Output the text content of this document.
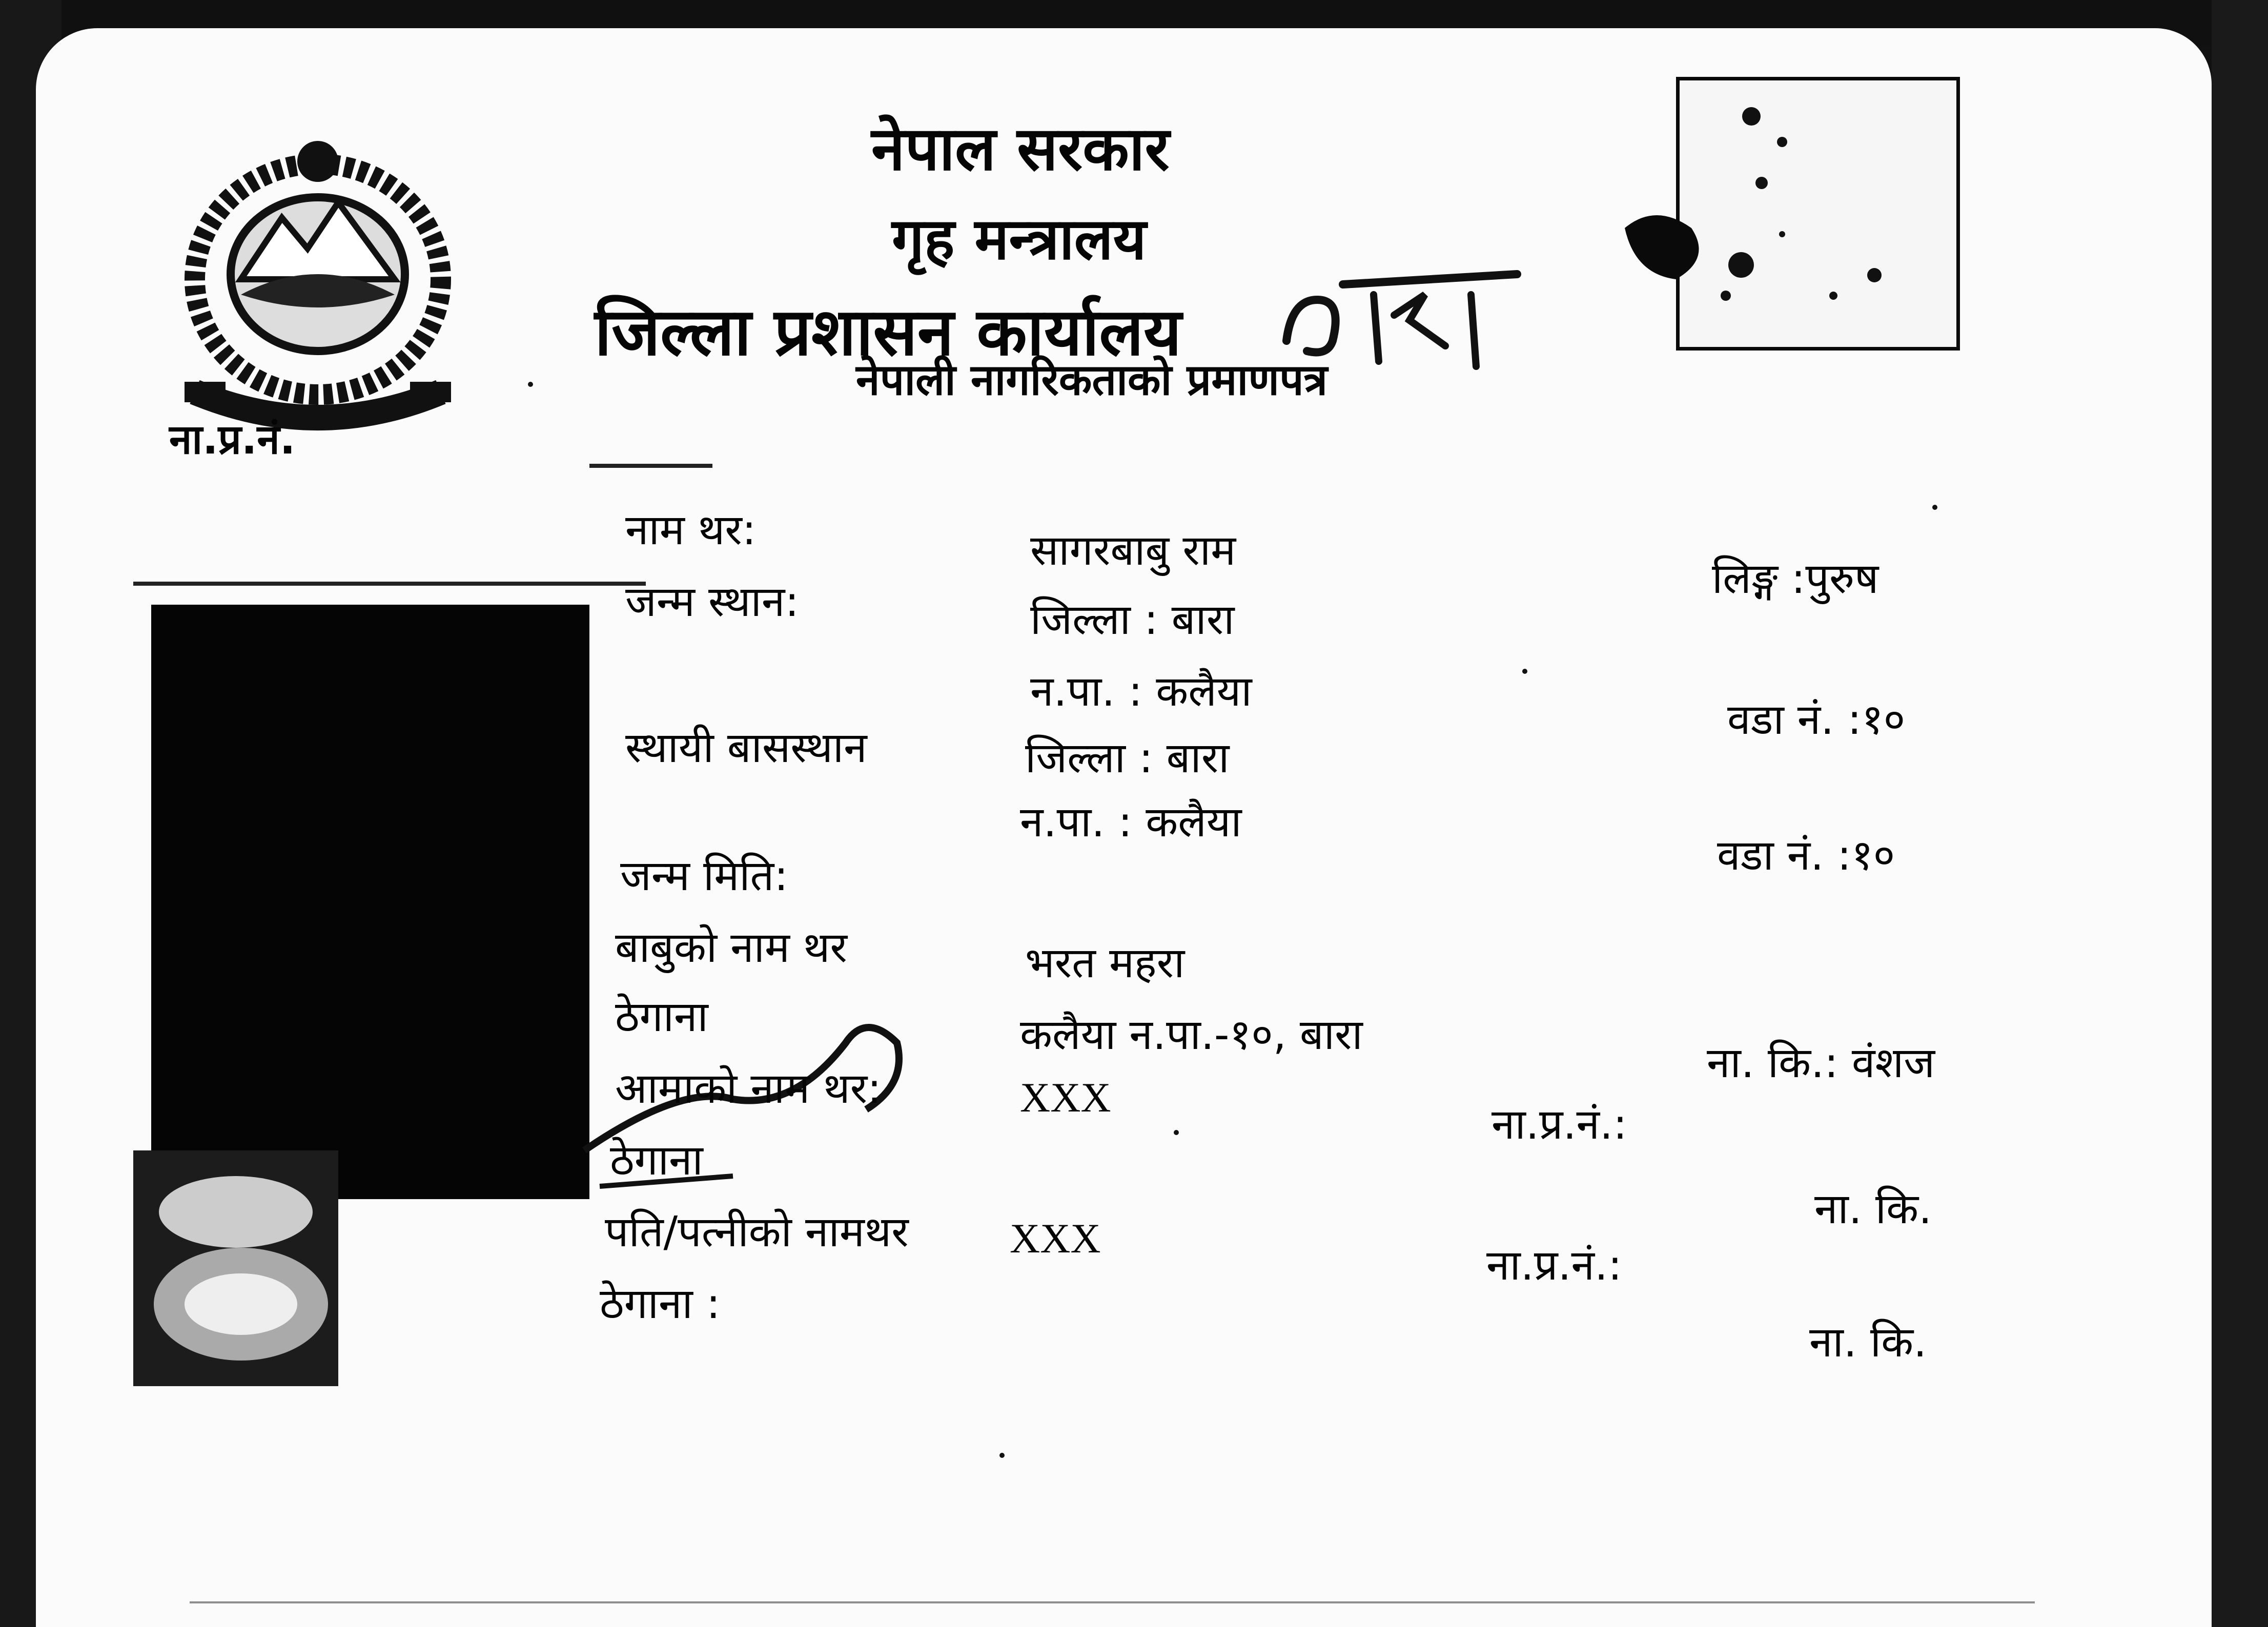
नेपाल सरकार
गृह मन्त्रालय
जिल्ला प्रशासन कार्यालय
बारा
नेपाली नागरिकताको प्रमाणपत्र
ना.प्र.नं.
नाम थर:	सागरबाबु राम
लिङ्ग :पुरुष
जन्म स्थान:	जिल्ला : बारा
न.पा. : कलैया
वडा नं. :१०
स्थायी बासस्थान	जिल्ला : बारा
न.पा. : कलैया
वडा नं. :१०
जन्म मिति:
बाबुको नाम थर	भरत महरा
ठेगाना	कलैया न.पा.-१०, बारा
ना. कि.: वंशज
आमाको नाम थर:	XXX
ना.प्र.नं.:
ठेगाना
ना. कि.
पति/पत्नीको नामथर XXX
ना.प्र.नं.:
ठेगाना :
ना. कि.
